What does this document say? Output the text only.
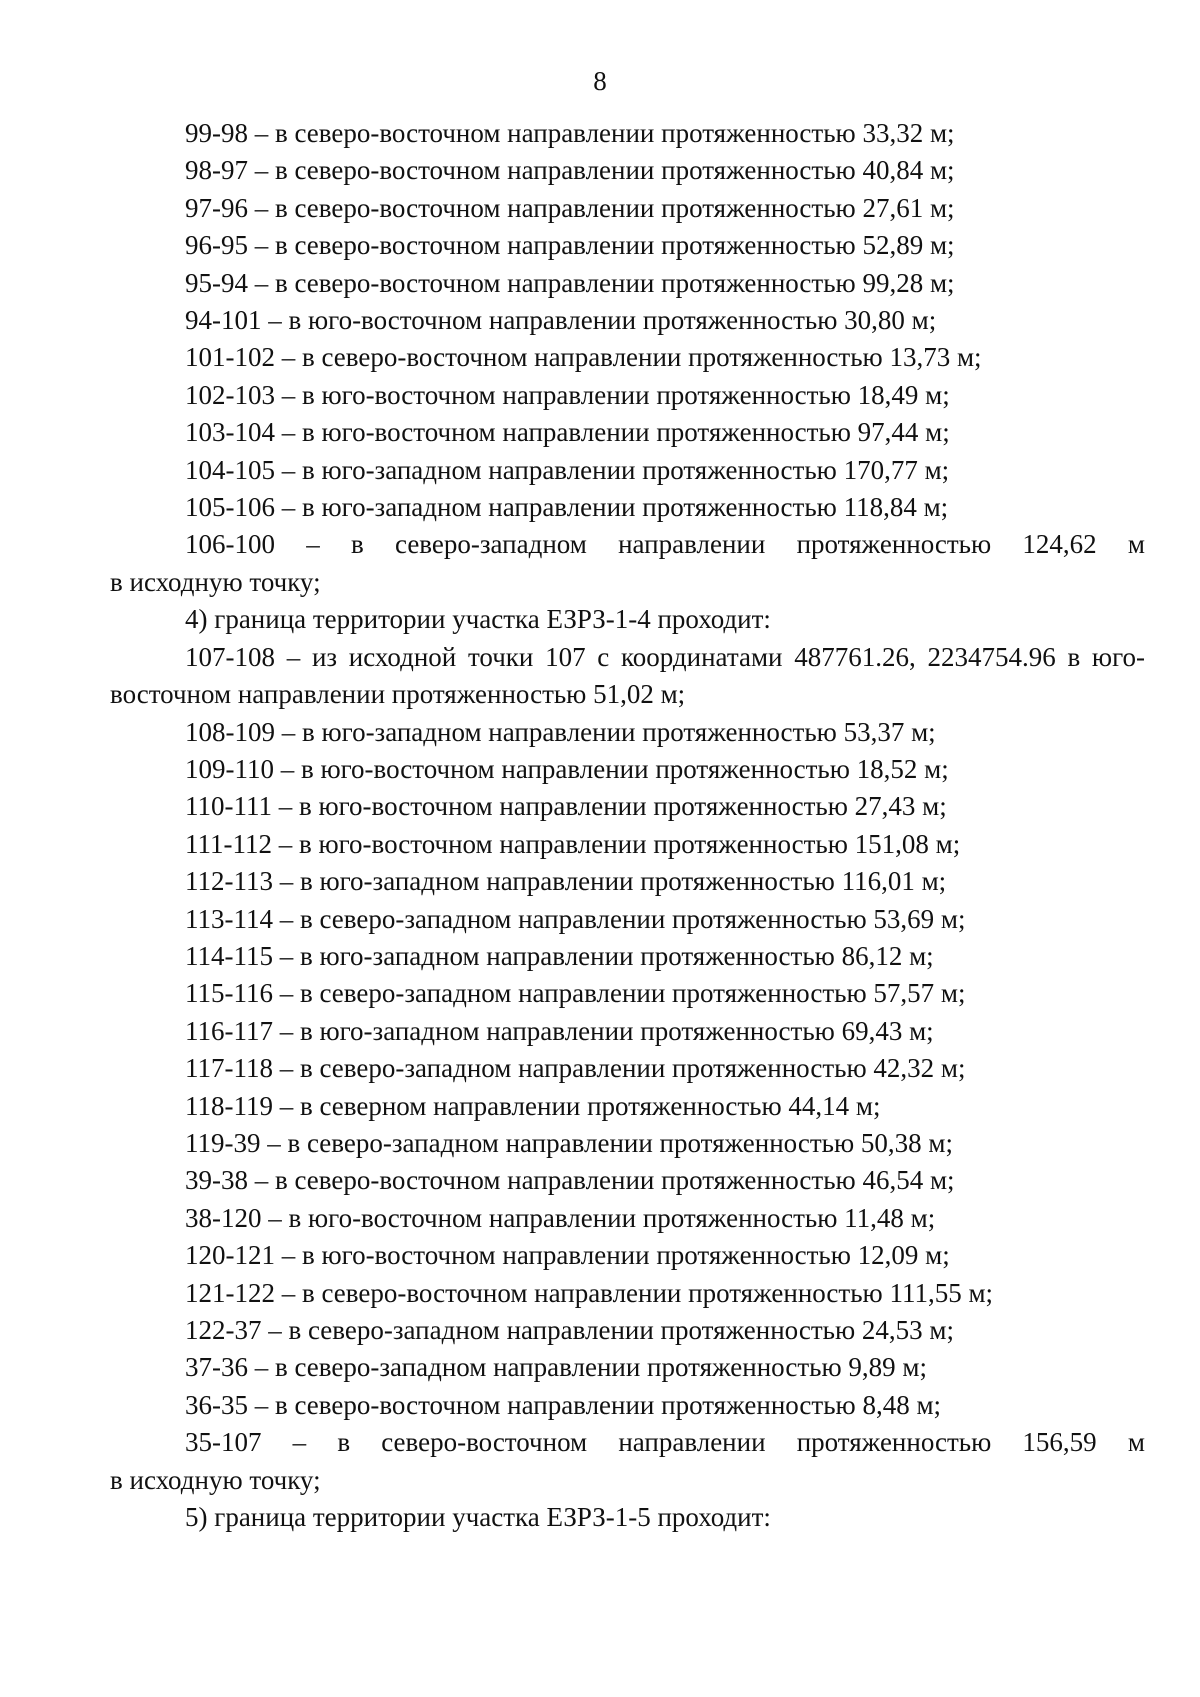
8
99-98 – в северо-восточном направлении протяженностью 33,32 м;
98-97 – в северо-восточном направлении протяженностью 40,84 м;
97-96 – в северо-восточном направлении протяженностью 27,61 м;
96-95 – в северо-восточном направлении протяженностью 52,89 м;
95-94 – в северо-восточном направлении протяженностью 99,28 м;
94-101 – в юго-восточном направлении протяженностью 30,80 м;
101-102 – в северо-восточном направлении протяженностью 13,73 м;
102-103 – в юго-восточном направлении протяженностью 18,49 м;
103-104 – в юго-восточном направлении протяженностью 97,44 м;
104-105 – в юго-западном направлении протяженностью 170,77 м;
105-106 – в юго-западном направлении протяженностью 118,84 м;
106-100 – в северо-западном направлении протяженностью 124,62 м
в исходную точку;
4) граница территории участка ЕЗРЗ-1-4 проходит:
107-108 – из исходной точки 107 с координатами 487761.26, 2234754.96 в юго-восточном направлении протяженностью 51,02 м;
108-109 – в юго-западном направлении протяженностью 53,37 м;
109-110 – в юго-восточном направлении протяженностью 18,52 м;
110-111 – в юго-восточном направлении протяженностью 27,43 м;
111-112 – в юго-восточном направлении протяженностью 151,08 м;
112-113 – в юго-западном направлении протяженностью 116,01 м;
113-114 – в северо-западном направлении протяженностью 53,69 м;
114-115 – в юго-западном направлении протяженностью 86,12 м;
115-116 – в северо-западном направлении протяженностью 57,57 м;
116-117 – в юго-западном направлении протяженностью 69,43 м;
117-118 – в северо-западном направлении протяженностью 42,32 м;
118-119 – в северном направлении протяженностью 44,14 м;
119-39 – в северо-западном направлении протяженностью 50,38 м;
39-38 – в северо-восточном направлении протяженностью 46,54 м;
38-120 – в юго-восточном направлении протяженностью 11,48 м;
120-121 – в юго-восточном направлении протяженностью 12,09 м;
121-122 – в северо-восточном направлении протяженностью 111,55 м;
122-37 – в северо-западном направлении протяженностью 24,53 м;
37-36 – в северо-западном направлении протяженностью 9,89 м;
36-35 – в северо-восточном направлении протяженностью 8,48 м;
35-107 – в северо-восточном направлении протяженностью 156,59 м
в исходную точку;
5) граница территории участка ЕЗРЗ-1-5 проходит:
